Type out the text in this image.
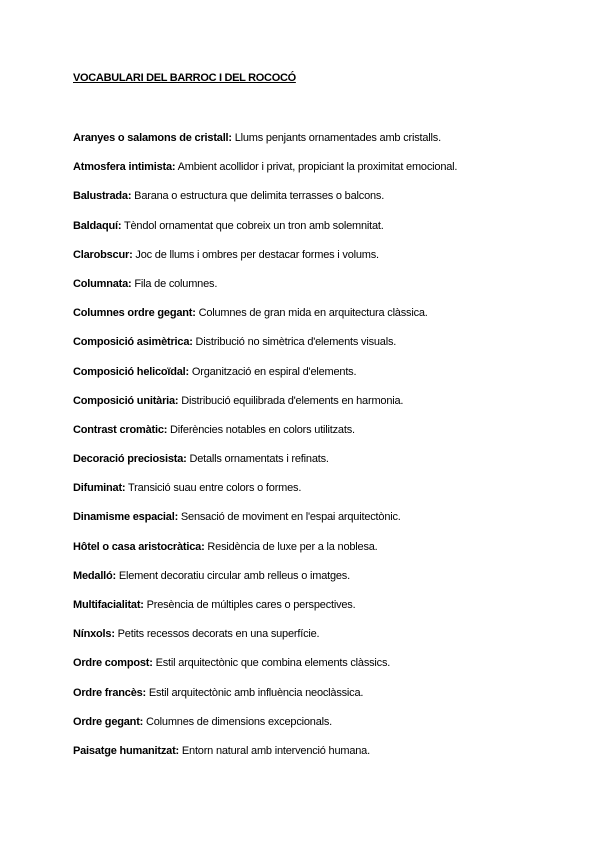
VOCABULARI DEL BARROC I DEL ROCOCÓ
Aranyes o salamons de cristall: Llums penjants ornamentades amb cristalls.
Atmosfera intimista: Ambient acollidor i privat, propiciant la proximitat emocional.
Balustrada: Barana o estructura que delimita terrasses o balcons.
Baldaquí: Tèndol ornamentat que cobreix un tron amb solemnitat.
Clarobscur: Joc de llums i ombres per destacar formes i volums.
Columnata: Fila de columnes.
Columnes ordre gegant: Columnes de gran mida en arquitectura clàssica.
Composició asimètrica: Distribució no simètrica d'elements visuals.
Composició helicoïdal: Organització en espiral d'elements.
Composició unitària: Distribució equilibrada d'elements en harmonia.
Contrast cromàtic: Diferències notables en colors utilitzats.
Decoració preciosista: Detalls ornamentats i refinats.
Difuminat: Transició suau entre colors o formes.
Dinamisme espacial: Sensació de moviment en l'espai arquitectònic.
Hôtel o casa aristocràtica: Residència de luxe per a la noblesa.
Medalló: Element decoratiu circular amb relleus o imatges.
Multifacialitat: Presència de múltiples cares o perspectives.
Nínxols: Petits recessos decorats en una superfície.
Ordre compost: Estil arquitectònic que combina elements clàssics.
Ordre francès: Estil arquitectònic amb influència neoclàssica.
Ordre gegant: Columnes de dimensions excepcionals.
Paisatge humanitzat: Entorn natural amb intervenció humana.
